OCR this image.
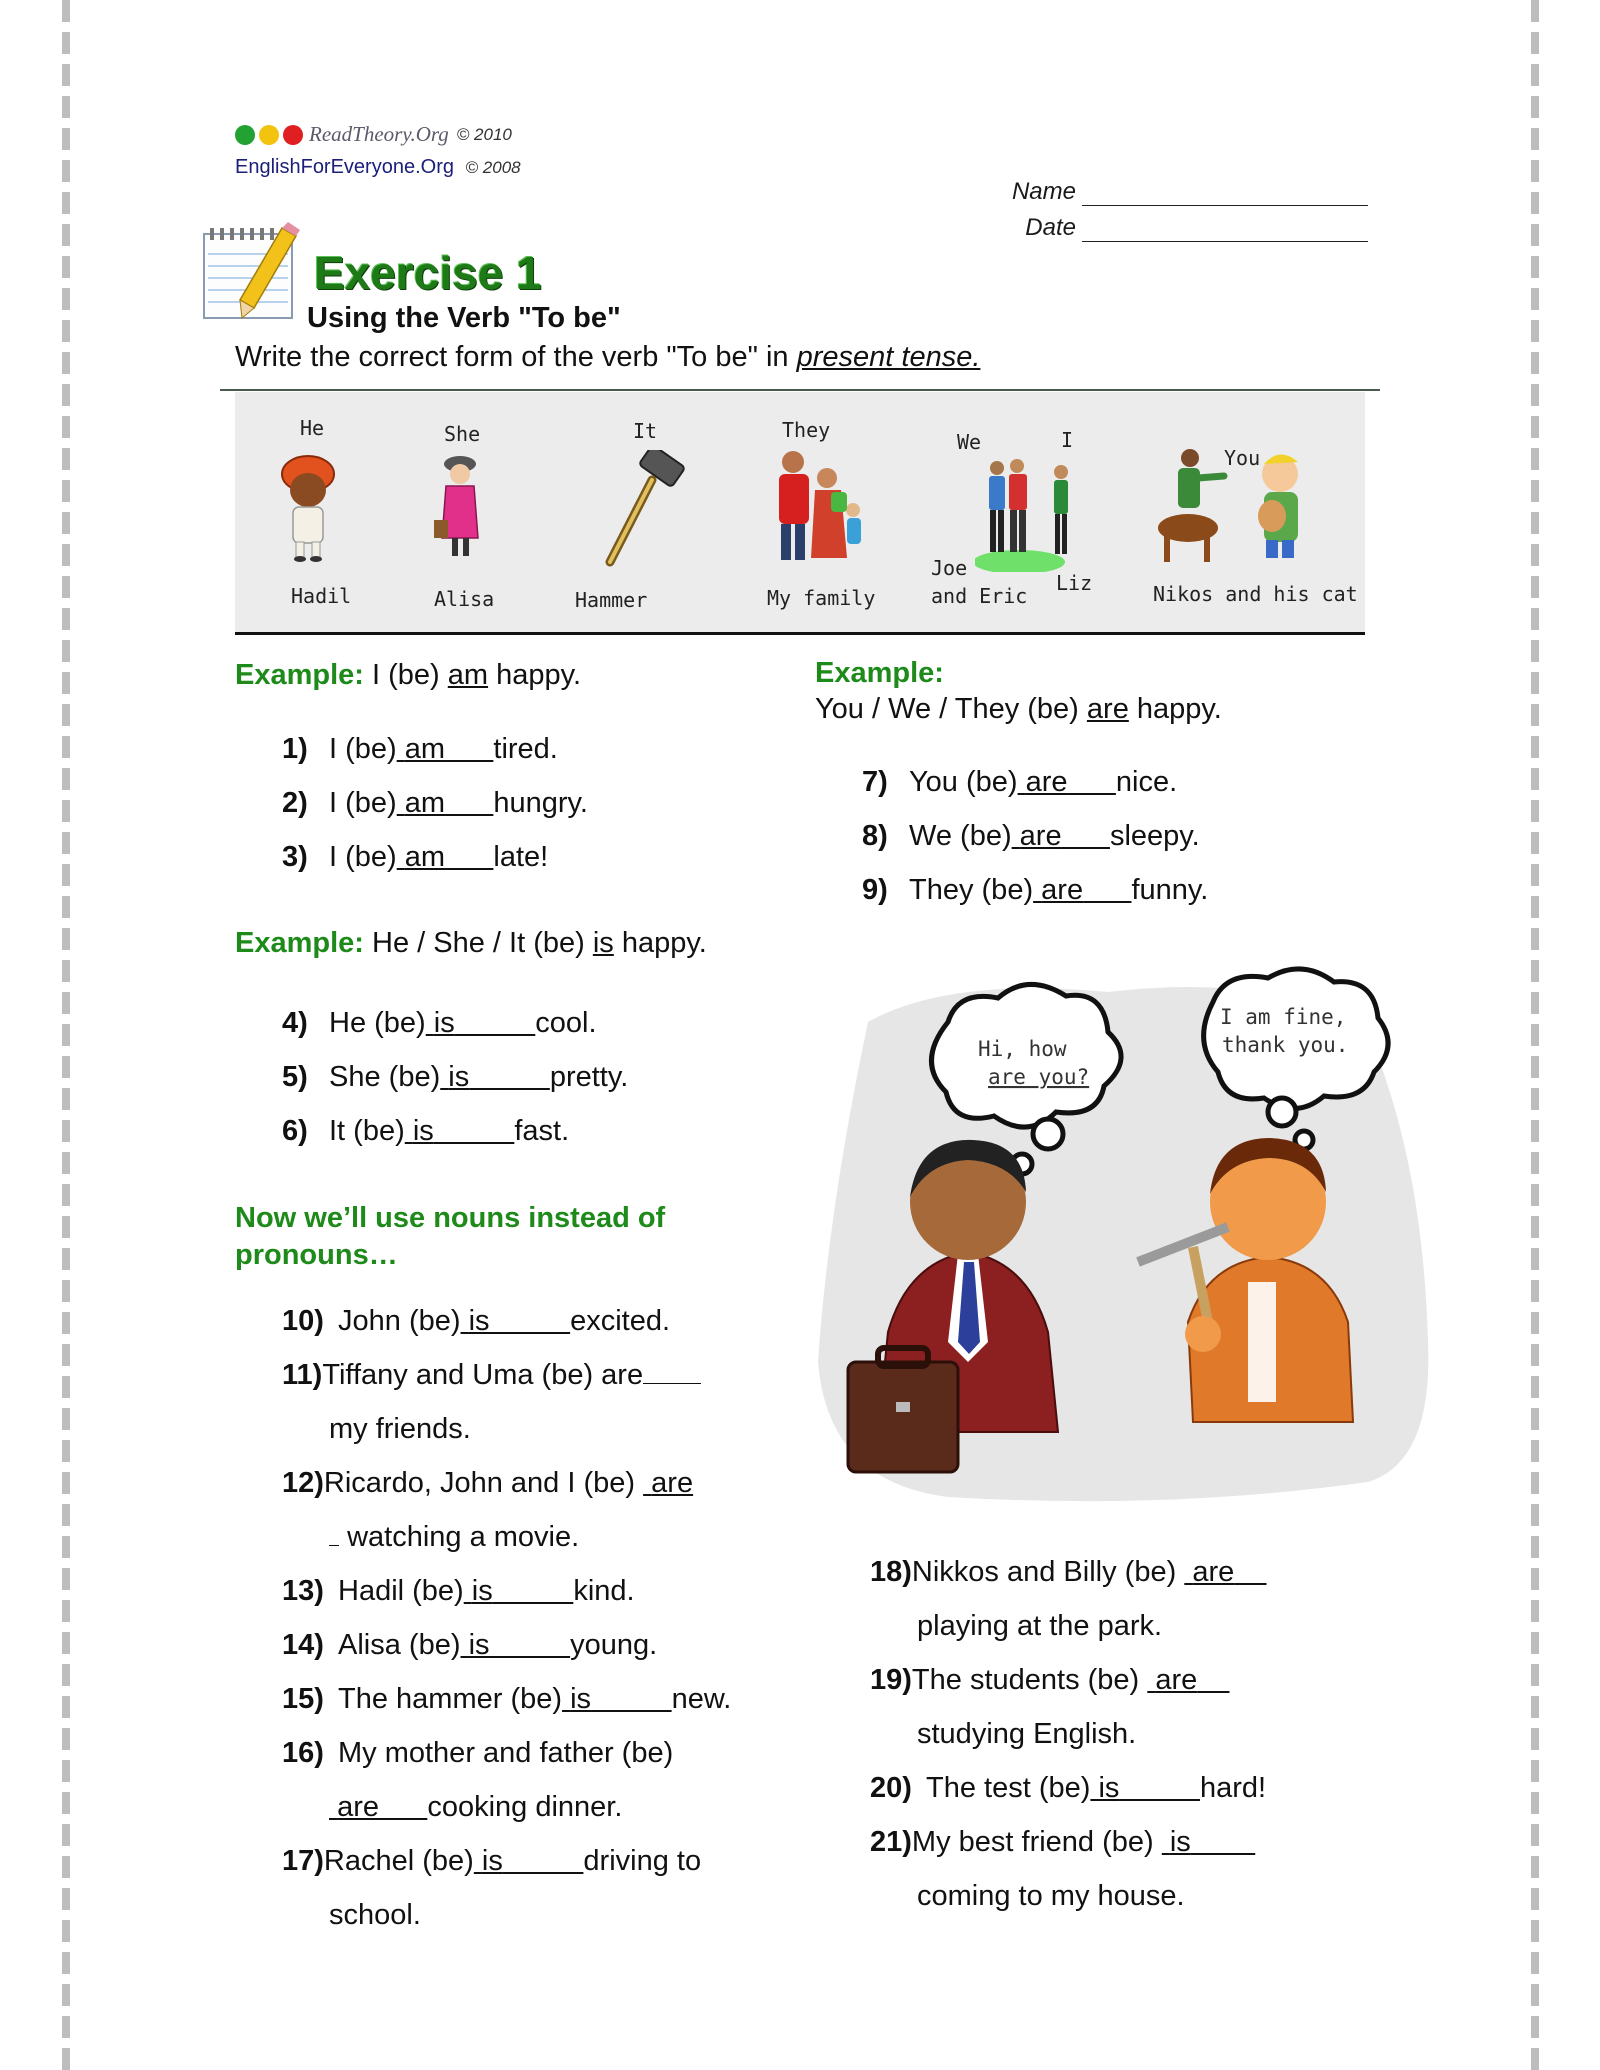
ReadTheory.Org © 2010
EnglishForEveryone.Org © 2008
Name
Date
Exercise 1
Using the Verb "To be"
Write the correct form of the verb "To be" in present tense.
He	She	It	They	We	I
You
Hadil	Alisa	Hammer	My family
Joe
and Eric
Liz	Nikos and his cat
Example: I (be) am happy.
1) I (be) am tired.
2) I (be) am hungry.
3) I (be) am late!
Example: He / She / It (be) is happy.
4) He (be) is	cool.
5) She (be) is	pretty.
6) It (be) is	fast.
Now we’ll use nouns instead of
pronouns…
10) John (be) is	excited.
11)Tiffany and Uma (be) are
my friends.
12)Ricardo, John and I (be) are
watching a movie.
13) Hadil (be) is	kind.
14) Alisa (be) is	young.
15) The hammer (be) is	new.
16) My mother and father (be)
are cooking dinner.
17)Rachel (be) is	driving to
school.
Example:
You / We / They (be) are happy.
7) You (be) are nice.
8) We (be) are sleepy.
9) They (be) are funny.
Hi, how
are you?
I am fine,
thank you.
18)Nikkos and Billy (be) are
playing at the park.
19)The students (be) are
studying English.
20) The test (be) is	hard!
21)My best friend (be) is
coming to my house.
